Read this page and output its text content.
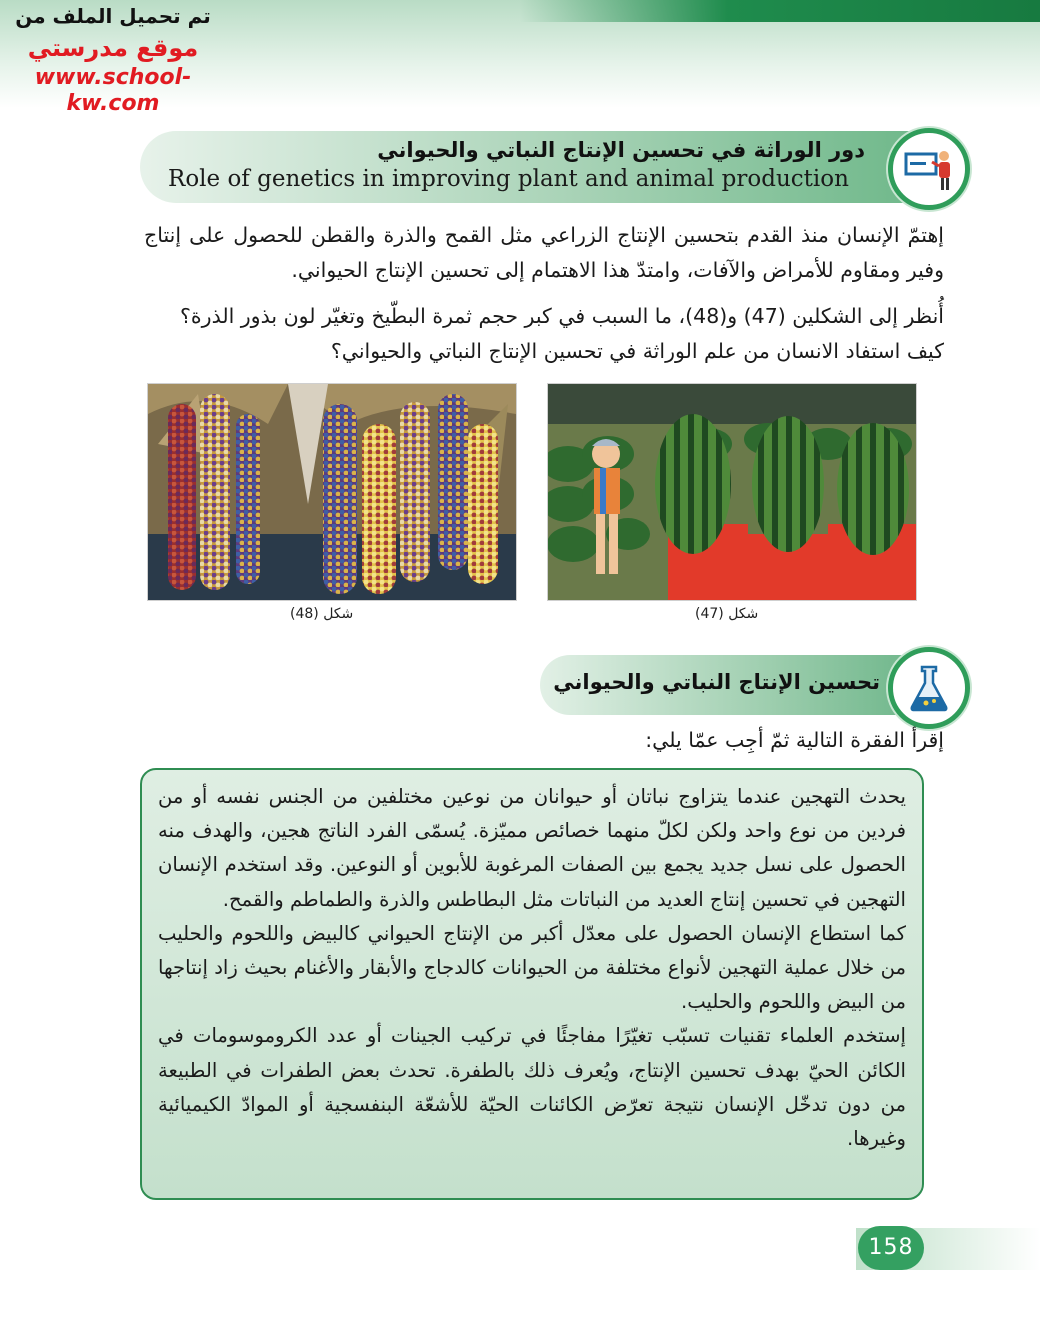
تم تحميل الملف من
موقع مدرستي
www.school-kw.com
دور الوراثة في تحسين الإنتاج النباتي والحيواني
Role of genetics in improving plant and animal production
إهتمّ الإنسان منذ القدم بتحسين الإنتاج الزراعي مثل القمح والذرة والقطن للحصول على إنتاج وفير ومقاوم للأمراض والآفات، وامتدّ هذا الاهتمام إلى تحسين الإنتاج الحيواني.
أُنظر إلى الشكلين (47) و(48)، ما السبب في كبر حجم ثمرة البطّيخ وتغيّر لون بذور الذرة؟
كيف استفاد الانسان من علم الوراثة في تحسين الإنتاج النباتي والحيواني؟
شكل (48)	شكل (47)
تحسين الإنتاج النباتي والحيواني
إقرأ الفقرة التالية ثمّ أجِب عمّا يلي:

يحدث التهجين عندما يتزاوج نباتان أو حيوانان من نوعين مختلفين من الجنس نفسه أو من فردين من نوع واحد ولكن لكلّ منهما خصائص مميّزة. يُسمّى الفرد الناتج هجين، والهدف منه الحصول على نسل جديد يجمع بين الصفات المرغوبة للأبوين أو النوعين. وقد استخدم الإنسان التهجين في تحسين إنتاج العديد من النباتات مثل البطاطس والذرة والطماطم والقمح.

كما استطاع الإنسان الحصول على معدّل أكبر من الإنتاج الحيواني كالبيض واللحوم والحليب من خلال عملية التهجين لأنواع مختلفة من الحيوانات كالدجاج والأبقار والأغنام بحيث زاد إنتاجها من البيض واللحوم والحليب.

إستخدم العلماء تقنيات تسبّب تغيّرًا مفاجئًا في تركيب الجينات أو عدد الكروموسومات في الكائن الحيّ بهدف تحسين الإنتاج، ويُعرف ذلك بالطفرة. تحدث بعض الطفرات في الطبيعة من دون تدخّل الإنسان نتيجة تعرّض الكائنات الحيّة للأشعّة البنفسجية أو الموادّ الكيميائية وغيرها.

158
